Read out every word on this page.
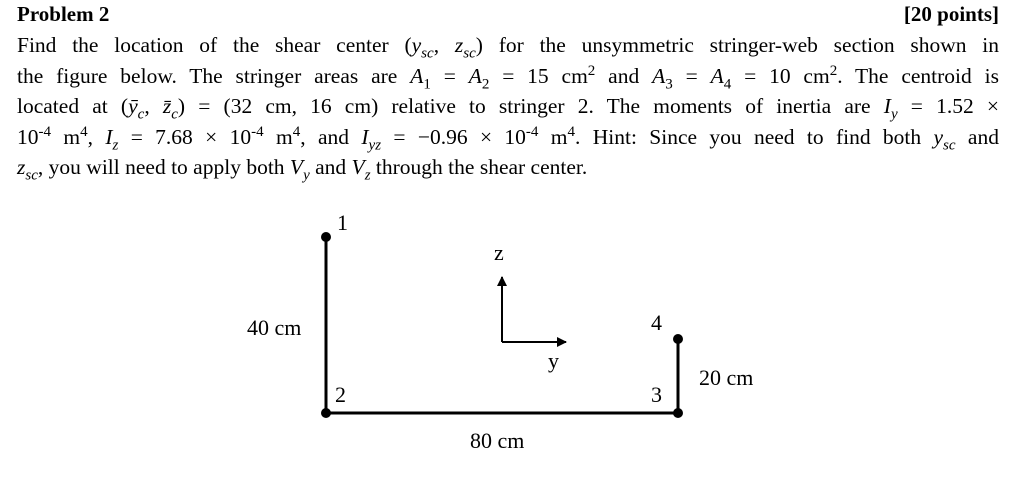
Problem 2	[20 points]
Find the location of the shear center ($y_{sc}$, $z_{sc}$) for the unsymmetric stringer-web section shown in
the figure below. The stringer areas are $A_1 = A_2 = 15$ $cm^2$ and $A_3 = A_4 = 10$ $cm^2$. The centroid is
located at ($ȳ_c$, $z̄_c) = (32$ cm, 16 cm) relative to stringer 2. The moments of inertia are $I_y = 1.52$ ×
$10^{-4}$ $m^4$, $I_z = 7.68 \times 10^{-4}$ $m^4$, and $I_{yz} = -0.96 \times 10^{-4}$ $m^4$. Hint: Since you need to find both $y_{sc}$ and
$z_{sc}$, you will need to apply both $V_y$ and $V_z$ through the shear center.
1
2	3
4
40 cm
20 cm
80 cm
z
y
